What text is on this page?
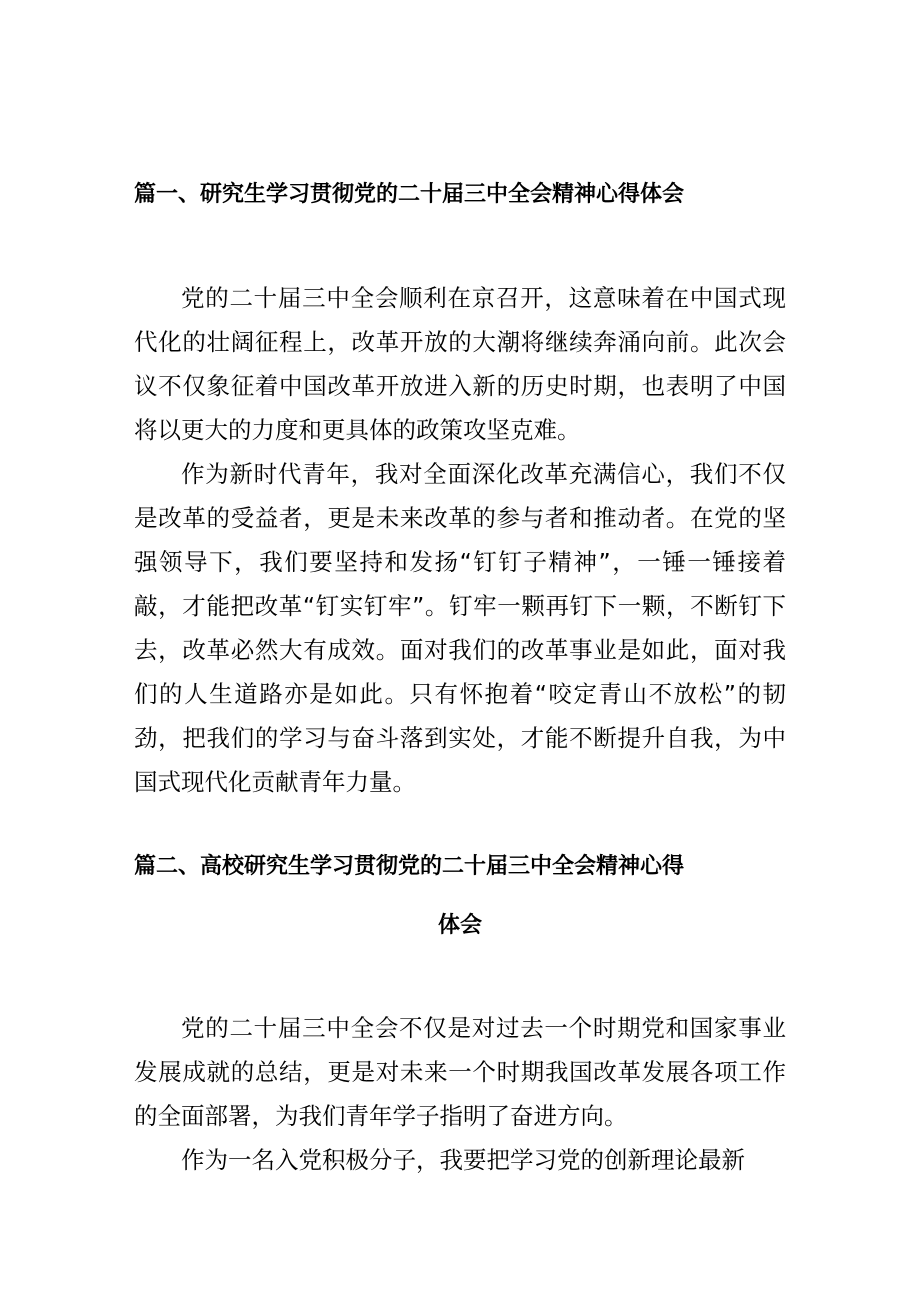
篇一、研究生学习贯彻党的二十届三中全会精神心得体会
党的二十届三中全会顺利在京召开，这意味着在中国式现代化的壮阔征程上，改革开放的大潮将继续奔涌向前。此次会议不仅象征着中国改革开放进入新的历史时期，也表明了中国将以更大的力度和更具体的政策攻坚克难。
作为新时代青年，我对全面深化改革充满信心，我们不仅是改革的受益者，更是未来改革的参与者和推动者。在党的坚强领导下，我们要坚持和发扬“钉钉子精神”，一锤一锤接着敲，才能把改革“钉实钉牢”。钉牢一颗再钉下一颗，不断钉下去，改革必然大有成效。面对我们的改革事业是如此，面对我们的人生道路亦是如此。只有怀抱着“咬定青山不放松”的韧劲，把我们的学习与奋斗落到实处，才能不断提升自我，为中国式现代化贡献青年力量。
篇二、高校研究生学习贯彻党的二十届三中全会精神心得
体会
党的二十届三中全会不仅是对过去一个时期党和国家事业发展成就的总结，更是对未来一个时期我国改革发展各项工作的全面部署，为我们青年学子指明了奋进方向。
作为一名入党积极分子，我要把学习党的创新理论最新
